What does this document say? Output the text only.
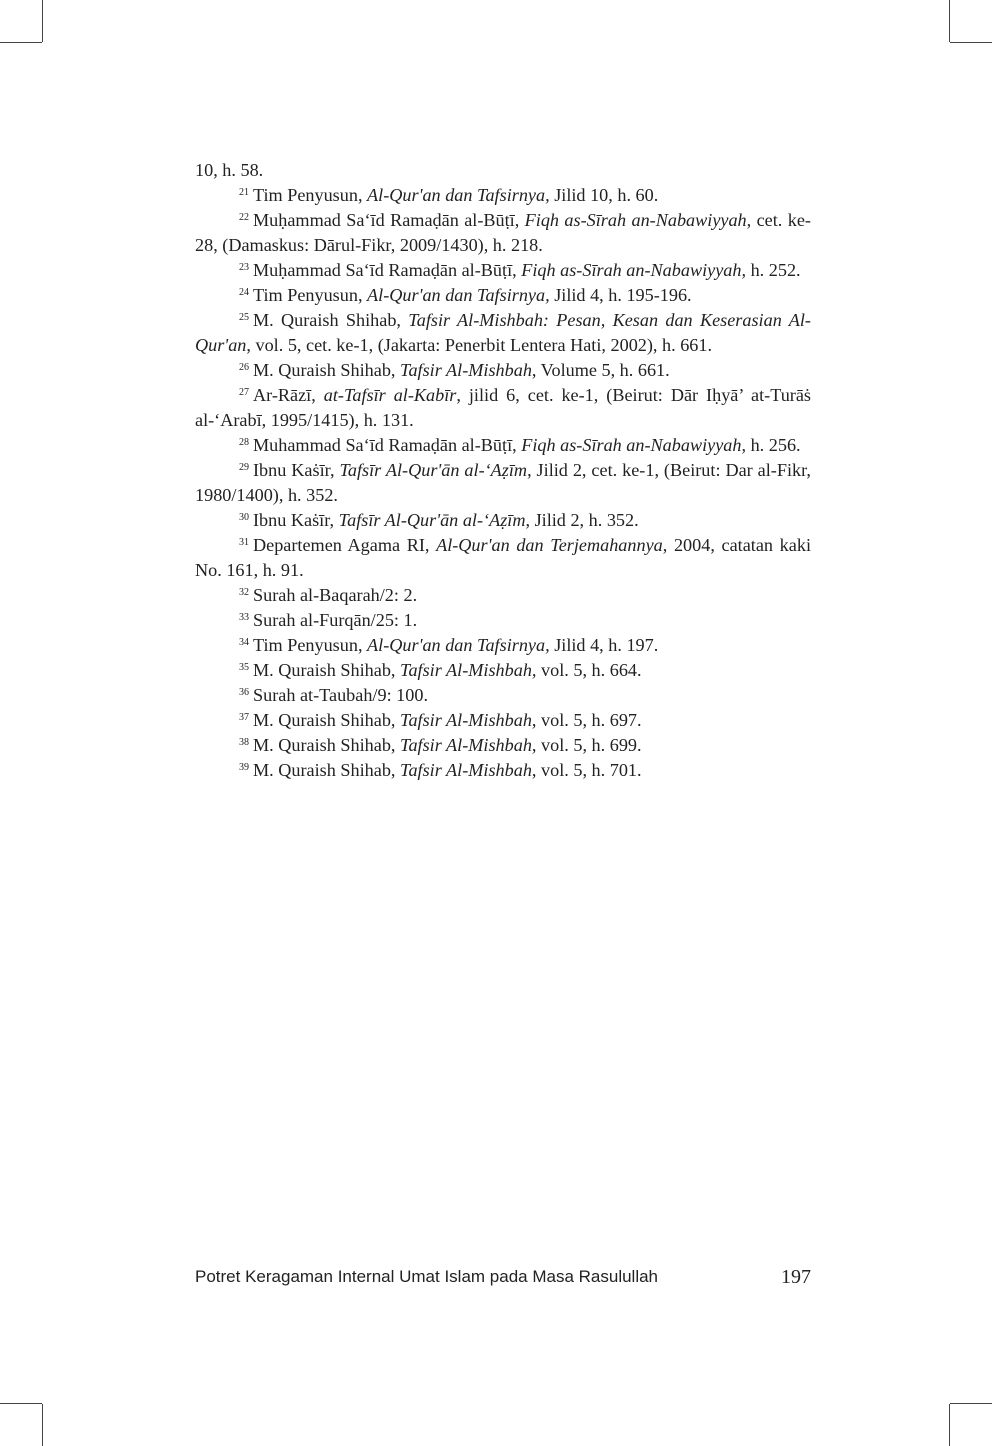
10, h. 58.

$^{21}$ Tim Penyusun, Al-Qur'an dan Tafsirnya, Jilid 10, h. 60.

$^{22}$ Muḥammad Sa‘īd Ramaḍān al-Būṭī, Fiqh as-Sīrah an-Nabawiyyah, cet. ke-28, (Damaskus: Dārul-Fikr, 2009/1430), h. 218.

$^{23}$ Muḥammad Sa‘īd Ramaḍān al-Būṭī, Fiqh as-Sīrah an-Nabawiyyah, h. 252.

$^{24}$ Tim Penyusun, Al-Qur'an dan Tafsirnya, Jilid 4, h. 195-196.

$^{25}$ M. Quraish Shihab, Tafsir Al-Mishbah: Pesan, Kesan dan Keserasian Al-Qur'an, vol. 5, cet. ke-1, (Jakarta: Penerbit Lentera Hati, 2002), h. 661.

$^{26}$ M. Quraish Shihab, Tafsir Al-Mishbah, Volume 5, h. 661.

$^{27}$ Ar-Rāzī, at-Tafsīr al-Kabīr, jilid 6, cet. ke-1, (Beirut: Dār Iḥyā’ at-Turāṡ al-‘Arabī, 1995/1415), h. 131.

$^{28}$ Muhammad Sa‘īd Ramaḍān al-Būṭī, Fiqh as-Sīrah an-Nabawiyyah, h. 256.

$^{29}$ Ibnu Kaṡīr, Tafsīr Al-Qur'ān al-‘Aẓīm, Jilid 2, cet. ke-1, (Beirut: Dar al-Fikr, 1980/1400), h. 352.

$^{30}$ Ibnu Kaṡīr, Tafsīr Al-Qur'ān al-‘Aẓīm, Jilid 2, h. 352.

$^{31}$ Departemen Agama RI, Al-Qur'an dan Terjemahannya, 2004, catatan kaki No. 161, h. 91.

$^{32}$ Surah al-Baqarah/2: 2.

$^{33}$ Surah al-Furqān/25: 1.

$^{34}$ Tim Penyusun, Al-Qur'an dan Tafsirnya, Jilid 4, h. 197.

$^{35}$ M. Quraish Shihab, Tafsir Al-Mishbah, vol. 5, h. 664.

$^{36}$ Surah at-Taubah/9: 100.

$^{37}$ M. Quraish Shihab, Tafsir Al-Mishbah, vol. 5, h. 697.

$^{38}$ M. Quraish Shihab, Tafsir Al-Mishbah, vol. 5, h. 699.

$^{39}$ M. Quraish Shihab, Tafsir Al-Mishbah, vol. 5, h. 701.

Potret Keragaman Internal Umat Islam pada Masa Rasulullah	197
